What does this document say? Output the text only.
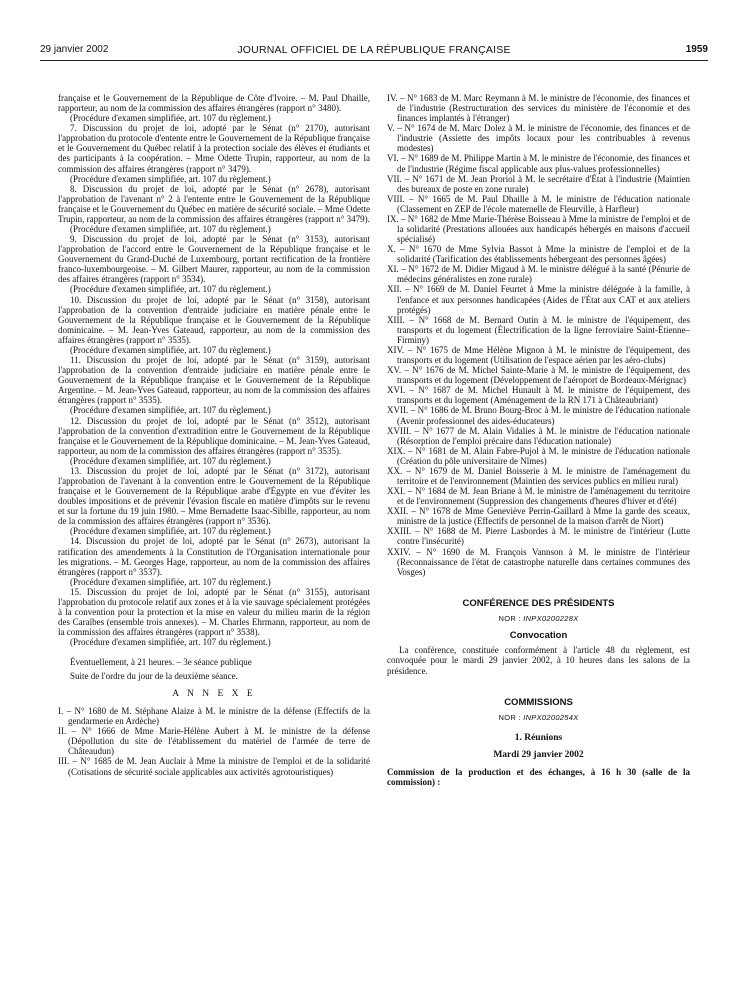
29 janvier 2002	JOURNAL OFFICIEL DE LA RÉPUBLIQUE FRANÇAISE	1959

française et le Gouvernement de la République de Côte d'Ivoire. – M. Paul Dhaille, rapporteur, au nom de la commission des affaires étrangères (rapport n° 3480).

(Procédure d'examen simplifiée, art. 107 du règlement.)

7. Discussion du projet de loi, adopté par le Sénat (n° 2170), autorisant l'approbation du protocole d'entente entre le Gouvernement de la République française et le Gouvernement du Québec relatif à la protection sociale des élèves et étudiants et des participants à la coopération. – Mme Odette Trupin, rapporteur, au nom de la commission des affaires étrangères (rapport n° 3479).

(Procédure d'examen simplifiée, art. 107 du règlement.)

8. Discussion du projet de loi, adopté par le Sénat (n° 2678), autorisant l'approbation de l'avenant n° 2 à l'entente entre le Gouvernement de la République française et le Gouvernement du Québec en matière de sécurité sociale. – Mme Odette Trupin, rapporteur, au nom de la commission des affaires étrangères (rapport n° 3479).

(Procédure d'examen simplifiée, art. 107 du règlement.)

9. Discussion du projet de loi, adopté par le Sénat (n° 3153), autorisant l'approbation de l'accord entre le Gouvernement de la République française et le Gouvernement du Grand-Duché de Luxembourg, portant rectification de la frontière franco-luxembourgeoise. – M. Gilbert Maurer, rapporteur, au nom de la commission des affaires étrangères (rapport n° 3534).

(Procédure d'examen simplifiée, art. 107 du règlement.)

10. Discussion du projet de loi, adopté par le Sénat (n° 3158), autorisant l'approbation de la convention d'entraide judiciaire en matière pénale entre le Gouvernement de la République française et le Gouvernement de la République dominicaine. – M. Jean-Yves Gateaud, rapporteur, au nom de la commission des affaires étrangères (rapport n° 3535).

(Procédure d'examen simplifiée, art. 107 du règlement.)

11. Discussion du projet de loi, adopté par le Sénat (n° 3159), autorisant l'approbation de la convention d'entraide judiciaire en matière pénale entre le Gouvernement de la République française et le Gouvernement de la République Argentine. – M. Jean-Yves Gateaud, rapporteur, au nom de la commission des affaires étrangères (rapport n° 3535).

(Procédure d'examen simplifiée, art. 107 du règlement.)

12. Discussion du projet de loi, adopté par le Sénat (n° 3512), autorisant l'approbation de la convention d'extradition entre le Gouvernement de la République française et le Gouvernement de la République dominicaine. – M. Jean-Yves Gateaud, rapporteur, au nom de la commission des affaires étrangères (rapport n° 3535).

(Procédure d'examen simplifiée, art. 107 du règlement.)

13. Discussion du projet de loi, adopté par le Sénat (n° 3172), autorisant l'approbation de l'avenant à la convention entre le Gouvernement de la République française et le Gouvernement de la République arabe d'Égypte en vue d'éviter les doubles impositions et de prévenir l'évasion fiscale en matière d'impôts sur le revenu et sur la fortune du 19 juin 1980. – Mme Bernadette Isaac-Sibille, rapporteur, au nom de la commission des affaires étrangères (rapport n° 3536).

(Procédure d'examen simplifiée, art. 107 du règlement.)

14. Discussion du projet de loi, adopté par le Sénat (n° 2673), autorisant la ratification des amendements à la Constitution de l'Organisation internationale pour les migrations. – M. Georges Hage, rapporteur, au nom de la commission des affaires étrangères (rapport n° 3537).

(Procédure d'examen simplifiée, art. 107 du règlement.)

15. Discussion du projet de loi, adopté par le Sénat (n° 3155), autorisant l'approbation du protocole relatif aux zones et à la vie sauvage spécialement protégées à la convention pour la protection et la mise en valeur du milieu marin de la région des Caraïbes (ensemble trois annexes). – M. Charles Ehrmann, rapporteur, au nom de la commission des affaires étrangères (rapport n° 3538).

(Procédure d'examen simplifiée, art. 107 du règlement.)

Éventuellement, à 21 heures. – 3e séance publique

Suite de l'ordre du jour de la deuxième séance.

A N N E X E

I. – N° 1680 de M. Stéphane Alaize à M. le ministre de la défense (Effectifs de la gendarmerie en Ardèche)

II. – N° 1666 de Mme Marie-Hélène Aubert à M. le ministre de la défense (Dépollution du site de l'établissement du matériel de l'armée de terre de Châteaudun)

III. – N° 1685 de M. Jean Auclair à Mme la ministre de l'emploi et de la solidarité (Cotisations de sécurité sociale applicables aux activités agrotouristiques)

IV. – N° 1683 de M. Marc Reymann à M. le ministre de l'économie, des finances et de l'industrie (Restructuration des services du ministère de l'économie et des finances implantés à l'étranger)

V. – N° 1674 de M. Marc Dolez à M. le ministre de l'économie, des finances et de l'industrie (Assiette des impôts locaux pour les contribuables à revenus modestes)

VI. – N° 1689 de M. Philippe Martin à M. le ministre de l'économie, des finances et de l'industrie (Régime fiscal applicable aux plus-values professionnelles)

VII. – N° 1671 de M. Jean Proriol à M. le secrétaire d'État à l'industrie (Maintien des bureaux de poste en zone rurale)

VIII. – N° 1665 de M. Paul Dhaille à M. le ministre de l'éducation nationale (Classement en ZEP de l'école maternelle de Fleurville, à Harfleur)

IX. – N° 1682 de Mme Marie-Thérèse Boisseau à Mme la ministre de l'emploi et de la solidarité (Prestations allouées aux handicapés hébergés en maisons d'accueil spécialisé)

X. – N° 1670 de Mme Sylvia Bassot à Mme la ministre de l'emploi et de la solidarité (Tarification des établissements hébergeant des personnes âgées)

XI. – N° 1672 de M. Didier Migaud à M. le ministre délégué à la santé (Pénurie de médecins généralistes en zone rurale)

XII. – N° 1669 de M. Daniel Feurtet à Mme la ministre déléguée à la famille, à l'enfance et aux personnes handicapées (Aides de l'État aux CAT et aux ateliers protégés)

XIII. – N° 1668 de M. Bernard Outin à M. le ministre de l'équipement, des transports et du logement (Électrification de la ligne ferroviaire Saint-Étienne–Firminy)

XIV. – N° 1675 de Mme Hélène Mignon à M. le ministre de l'équipement, des transports et du logement (Utilisation de l'espace aérien par les aéro-clubs)

XV. – N° 1676 de M. Michel Sainte-Marie à M. le ministre de l'équipement, des transports et du logement (Développement de l'aéroport de Bordeaux-Mérignac)

XVI. – N° 1687 de M. Michel Hunault à M. le ministre de l'équipement, des transports et du logement (Aménagement de la RN 171 à Châteaubriant)

XVII. – N° 1686 de M. Bruno Bourg-Broc à M. le ministre de l'éducation nationale (Avenir professionnel des aides-éducateurs)

XVIII. – N° 1677 de M. Alain Vidalies à M. le ministre de l'éducation nationale (Résorption de l'emploi précaire dans l'éducation nationale)

XIX. – N° 1681 de M. Alain Fabre-Pujol à M. le ministre de l'éducation nationale (Création du pôle universitaire de Nîmes)

XX. – N° 1679 de M. Daniel Boisserie à M. le ministre de l'aménagement du territoire et de l'environnement (Maintien des services publics en milieu rural)

XXI. – N° 1684 de M. Jean Briane à M. le ministre de l'aménagement du territoire et de l'environnement (Suppression des changements d'heures d'hiver et d'été)

XXII. – N° 1678 de Mme Geneviève Perrin-Gaillard à Mme la garde des sceaux, ministre de la justice (Effectifs de personnel de la maison d'arrêt de Niort)

XXIII. – N° 1688 de M. Pierre Lasbordes à M. le ministre de l'intérieur (Lutte contre l'insécurité)

XXIV. – N° 1690 de M. François Vannson à M. le ministre de l'intérieur (Reconnaissance de l'état de catastrophe naturelle dans certaines communes des Vosges)

CONFÉRENCE DES PRÉSIDENTS
NOR : INPX0200228X
Convocation

La conférence, constituée conformément à l'article 48 du règlement, est convoquée pour le mardi 29 janvier 2002, à 10 heures dans les salons de la présidence.

COMMISSIONS
NOR : INPX0200254X
1. Réunions
Mardi 29 janvier 2002

Commission de la production et des échanges, à 16 h 30 (salle de la commission) :
